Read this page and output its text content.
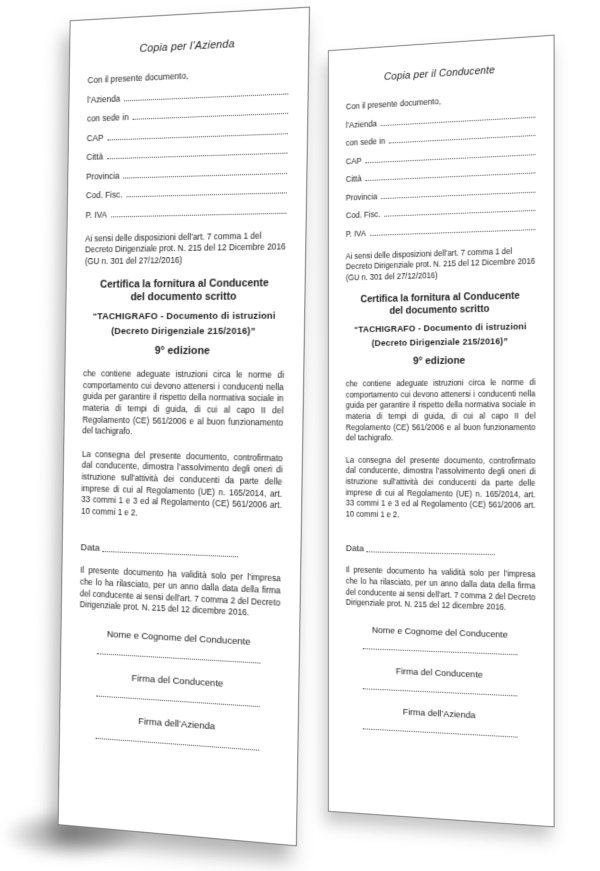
Copia per l’Azienda

Con il presente documento,

l’Azienda
con sede in
CAP
Città
Provincia
Cod. Fisc.
P. IVA

Ai sensi delle disposizioni dell’art. 7 comma 1 del Decreto Dirigenziale prot. N. 215 del 12 Dicembre 2016 (GU n. 301 del 27/12/2016)

Certifica la fornitura al Conducente
del documento scritto
“TACHIGRAFO - Documento di istruzioni
(Decreto Dirigenziale 215/2016)”
9° edizione

che contiene adeguate istruzioni circa le norme di comportamento cui devono attenersi i conducenti nella guida per garantire il rispetto della normativa sociale in materia di tempi di guida, di cui al capo II del Regolamento (CE) 561/2006 e al buon funzionamento del tachigrafo.

La consegna del presente documento, controfirmato dal conducente, dimostra l’assolvimento degli oneri di istruzione sull’attività dei conducenti da parte delle imprese di cui al Regolamento (UE) n. 165/2014, art. 33 commi 1 e 3 ed al Regolamento (CE) 561/2006 art. 10 commi 1 e 2.

Data

Il presente documento ha validità solo per l’impresa che lo ha rilasciato, per un anno dalla data della firma del conducente ai sensi dell’art. 7 comma 2 del Decreto Dirigenziale prot. N. 215 del 12 dicembre 2016.

Nome e Cognome del Conducente
Firma del Conducente
Firma dell’Azienda
Copia per il Conducente

Con il presente documento,

l’Azienda
con sede in
CAP
Città
Provincia
Cod. Fisc.
P. IVA

Ai sensi delle disposizioni dell’art. 7 comma 1 del Decreto Dirigenziale prot. N. 215 del 12 Dicembre 2016 (GU n. 301 del 27/12/2016)

Certifica la fornitura al Conducente
del documento scritto
“TACHIGRAFO - Documento di istruzioni
(Decreto Dirigenziale 215/2016)”
9° edizione

che contiene adeguate istruzioni circa le norme di comportamento cui devono attenersi i conducenti nella guida per garantire il rispetto della normativa sociale in materia di tempi di guida, di cui al capo II del Regolamento (CE) 561/2006 e al buon funzionamento del tachigrafo.

La consegna del presente documento, controfirmato dal conducente, dimostra l’assolvimento degli oneri di istruzione sull’attività dei conducenti da parte delle imprese di cui al Regolamento (UE) n. 165/2014, art. 33 commi 1 e 3 ed al Regolamento (CE) 561/2006 art. 10 commi 1 e 2.

Data

Il presente documento ha validità solo per l’impresa che lo ha rilasciato, per un anno dalla data della firma del conducente ai sensi dell’art. 7 comma 2 del Decreto Dirigenziale prot. N. 215 del 12 dicembre 2016.

Nome e Cognome del Conducente
Firma del Conducente
Firma dell’Azienda
